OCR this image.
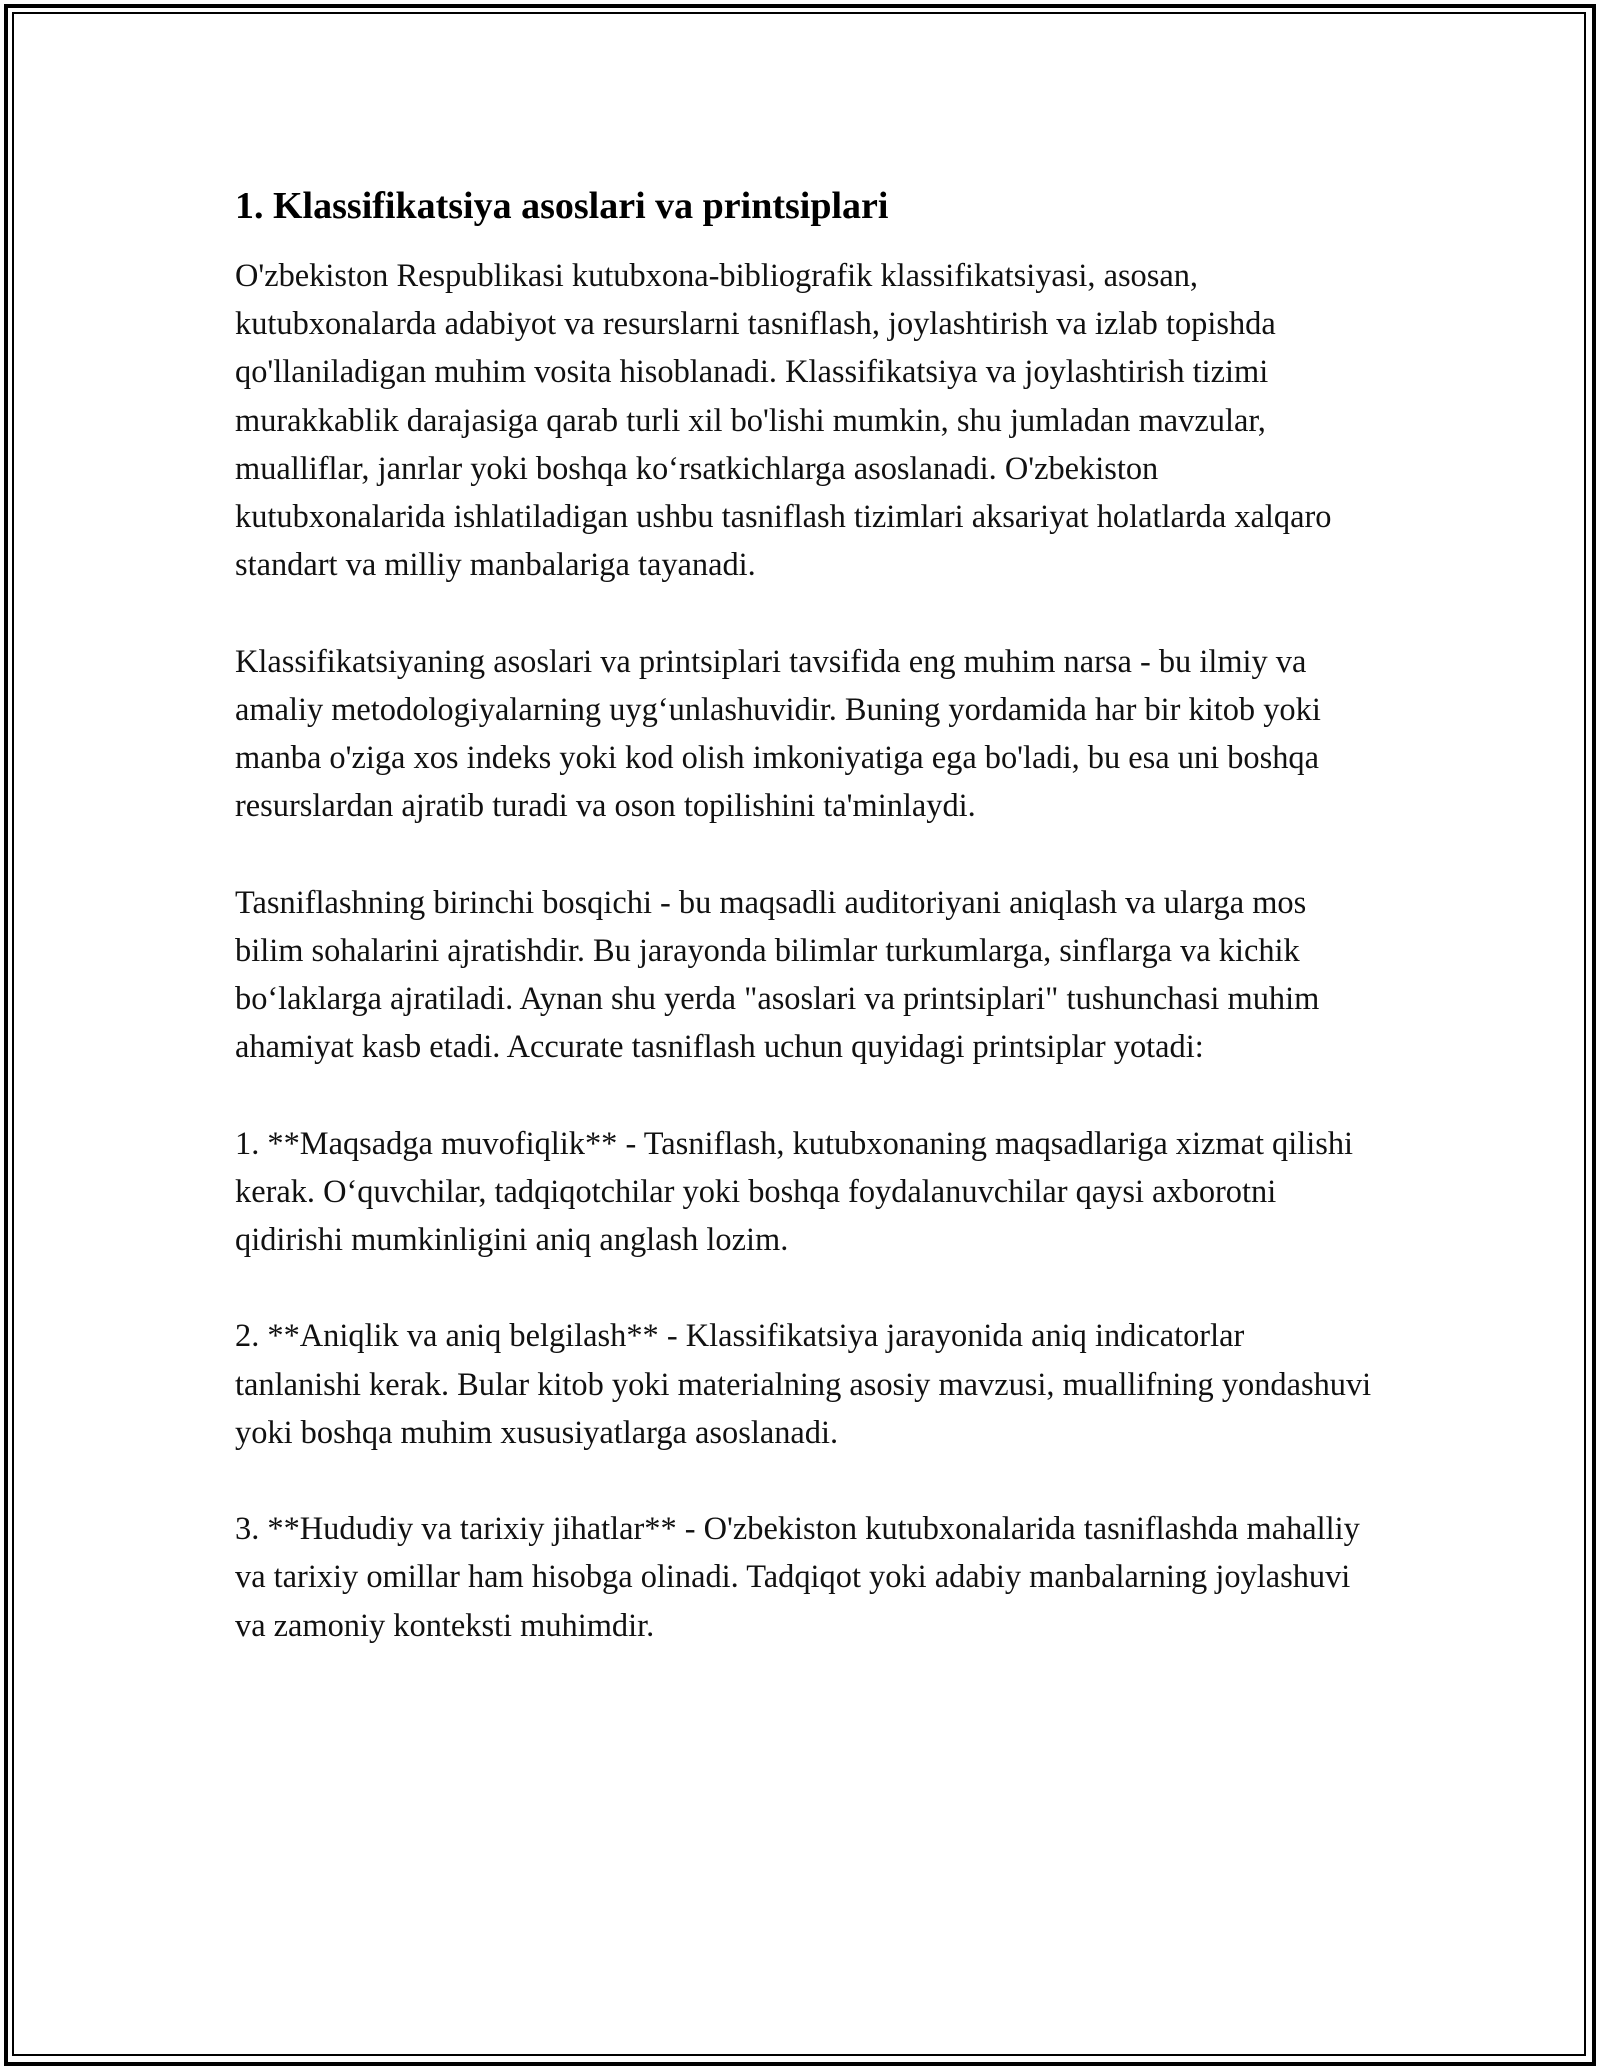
1. Klassifikatsiya asoslari va printsiplari

O'zbekiston Respublikasi kutubxona-bibliografik klassifikatsiyasi, asosan, kutubxonalarda adabiyot va resurslarni tasniflash, joylashtirish va izlab topishda qo'llaniladigan muhim vosita hisoblanadi. Klassifikatsiya va joylashtirish tizimi murakkablik darajasiga qarab turli xil bo'lishi mumkin, shu jumladan mavzular, mualliflar, janrlar yoki boshqa ko‘rsatkichlarga asoslanadi. O'zbekiston kutubxonalarida ishlatiladigan ushbu tasniflash tizimlari aksariyat holatlarda xalqaro standart va milliy manbalariga tayanadi.

Klassifikatsiyaning asoslari va printsiplari tavsifida eng muhim narsa - bu ilmiy va amaliy metodologiyalarning uyg‘unlashuvidir. Buning yordamida har bir kitob yoki manba o'ziga xos indeks yoki kod olish imkoniyatiga ega bo'ladi, bu esa uni boshqa resurslardan ajratib turadi va oson topilishini ta'minlaydi.

Tasniflashning birinchi bosqichi - bu maqsadli auditoriyani aniqlash va ularga mos bilim sohalarini ajratishdir. Bu jarayonda bilimlar turkumlarga, sinflarga va kichik bo‘laklarga ajratiladi. Aynan shu yerda "asoslari va printsiplari" tushunchasi muhim ahamiyat kasb etadi. Accurate tasniflash uchun quyidagi printsiplar yotadi:

1. **Maqsadga muvofiqlik** - Tasniflash, kutubxonaning maqsadlariga xizmat qilishi kerak. O‘quvchilar, tadqiqotchilar yoki boshqa foydalanuvchilar qaysi axborotni qidirishi mumkinligini aniq anglash lozim.

2. **Aniqlik va aniq belgilash** - Klassifikatsiya jarayonida aniq indicatorlar tanlanishi kerak. Bular kitob yoki materialning asosiy mavzusi, muallifning yondashuvi yoki boshqa muhim xususiyatlarga asoslanadi.

3. **Hududiy va tarixiy jihatlar** - O'zbekiston kutubxonalarida tasniflashda mahalliy va tarixiy omillar ham hisobga olinadi. Tadqiqot yoki adabiy manbalarning joylashuvi va zamoniy konteksti muhimdir.
